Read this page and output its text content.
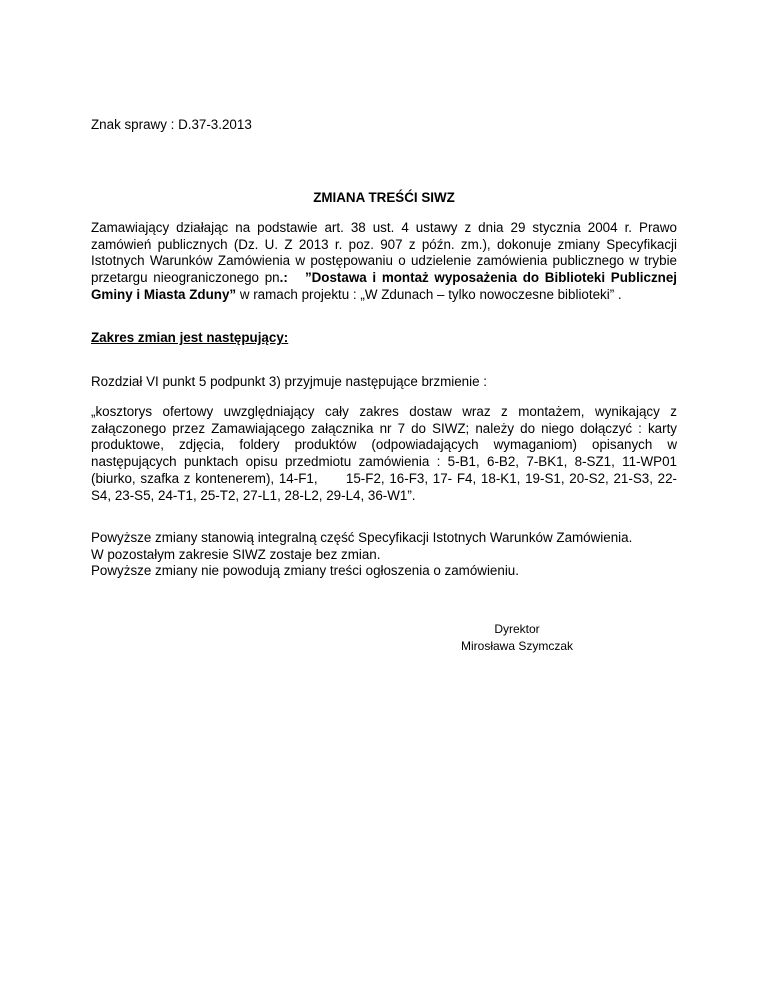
Znak sprawy : D.37-3.2013

ZMIANA TREŚĆI SIWZ

Zamawiający działając na podstawie art. 38 ust. 4 ustawy z dnia 29 stycznia 2004 r. Prawo zamówień publicznych (Dz. U. Z 2013 r. poz. 907 z późn. zm.), dokonuje zmiany Specyfikacji Istotnych Warunków Zamówienia w postępowaniu o udzielenie zamówienia publicznego w trybie przetargu nieograniczonego pn.: ”Dostawa i montaż wyposażenia do Biblioteki Publicznej Gminy i Miasta Zduny” w ramach projektu : „W Zdunach – tylko nowoczesne biblioteki” .

Zakres zmian jest następujący:

Rozdział VI punkt 5 podpunkt 3) przyjmuje następujące brzmienie :

„kosztorys ofertowy uwzględniający cały zakres dostaw wraz z montażem, wynikający z załączonego przez Zamawiającego załącznika nr 7 do SIWZ; należy do niego dołączyć : karty produktowe, zdjęcia, foldery produktów (odpowiadających wymaganiom) opisanych w następujących punktach opisu przedmiotu zamówienia : 5-B1, 6-B2, 7-BK1, 8-SZ1, 11-WP01 (biurko, szafka z kontenerem), 14-F1,      15-F2, 16-F3, 17- F4, 18-K1, 19-S1, 20-S2, 21-S3, 22-S4, 23-S5, 24-T1, 25-T2, 27-L1, 28-L2, 29-L4, 36-W1”.

Powyższe zmiany stanowią integralną część Specyfikacji Istotnych Warunków Zamówienia.

W pozostałym zakresie SIWZ zostaje bez zmian.

Powyższe zmiany nie powodują zmiany treści ogłoszenia o zamówieniu.

Dyrektor

Mirosława Szymczak
